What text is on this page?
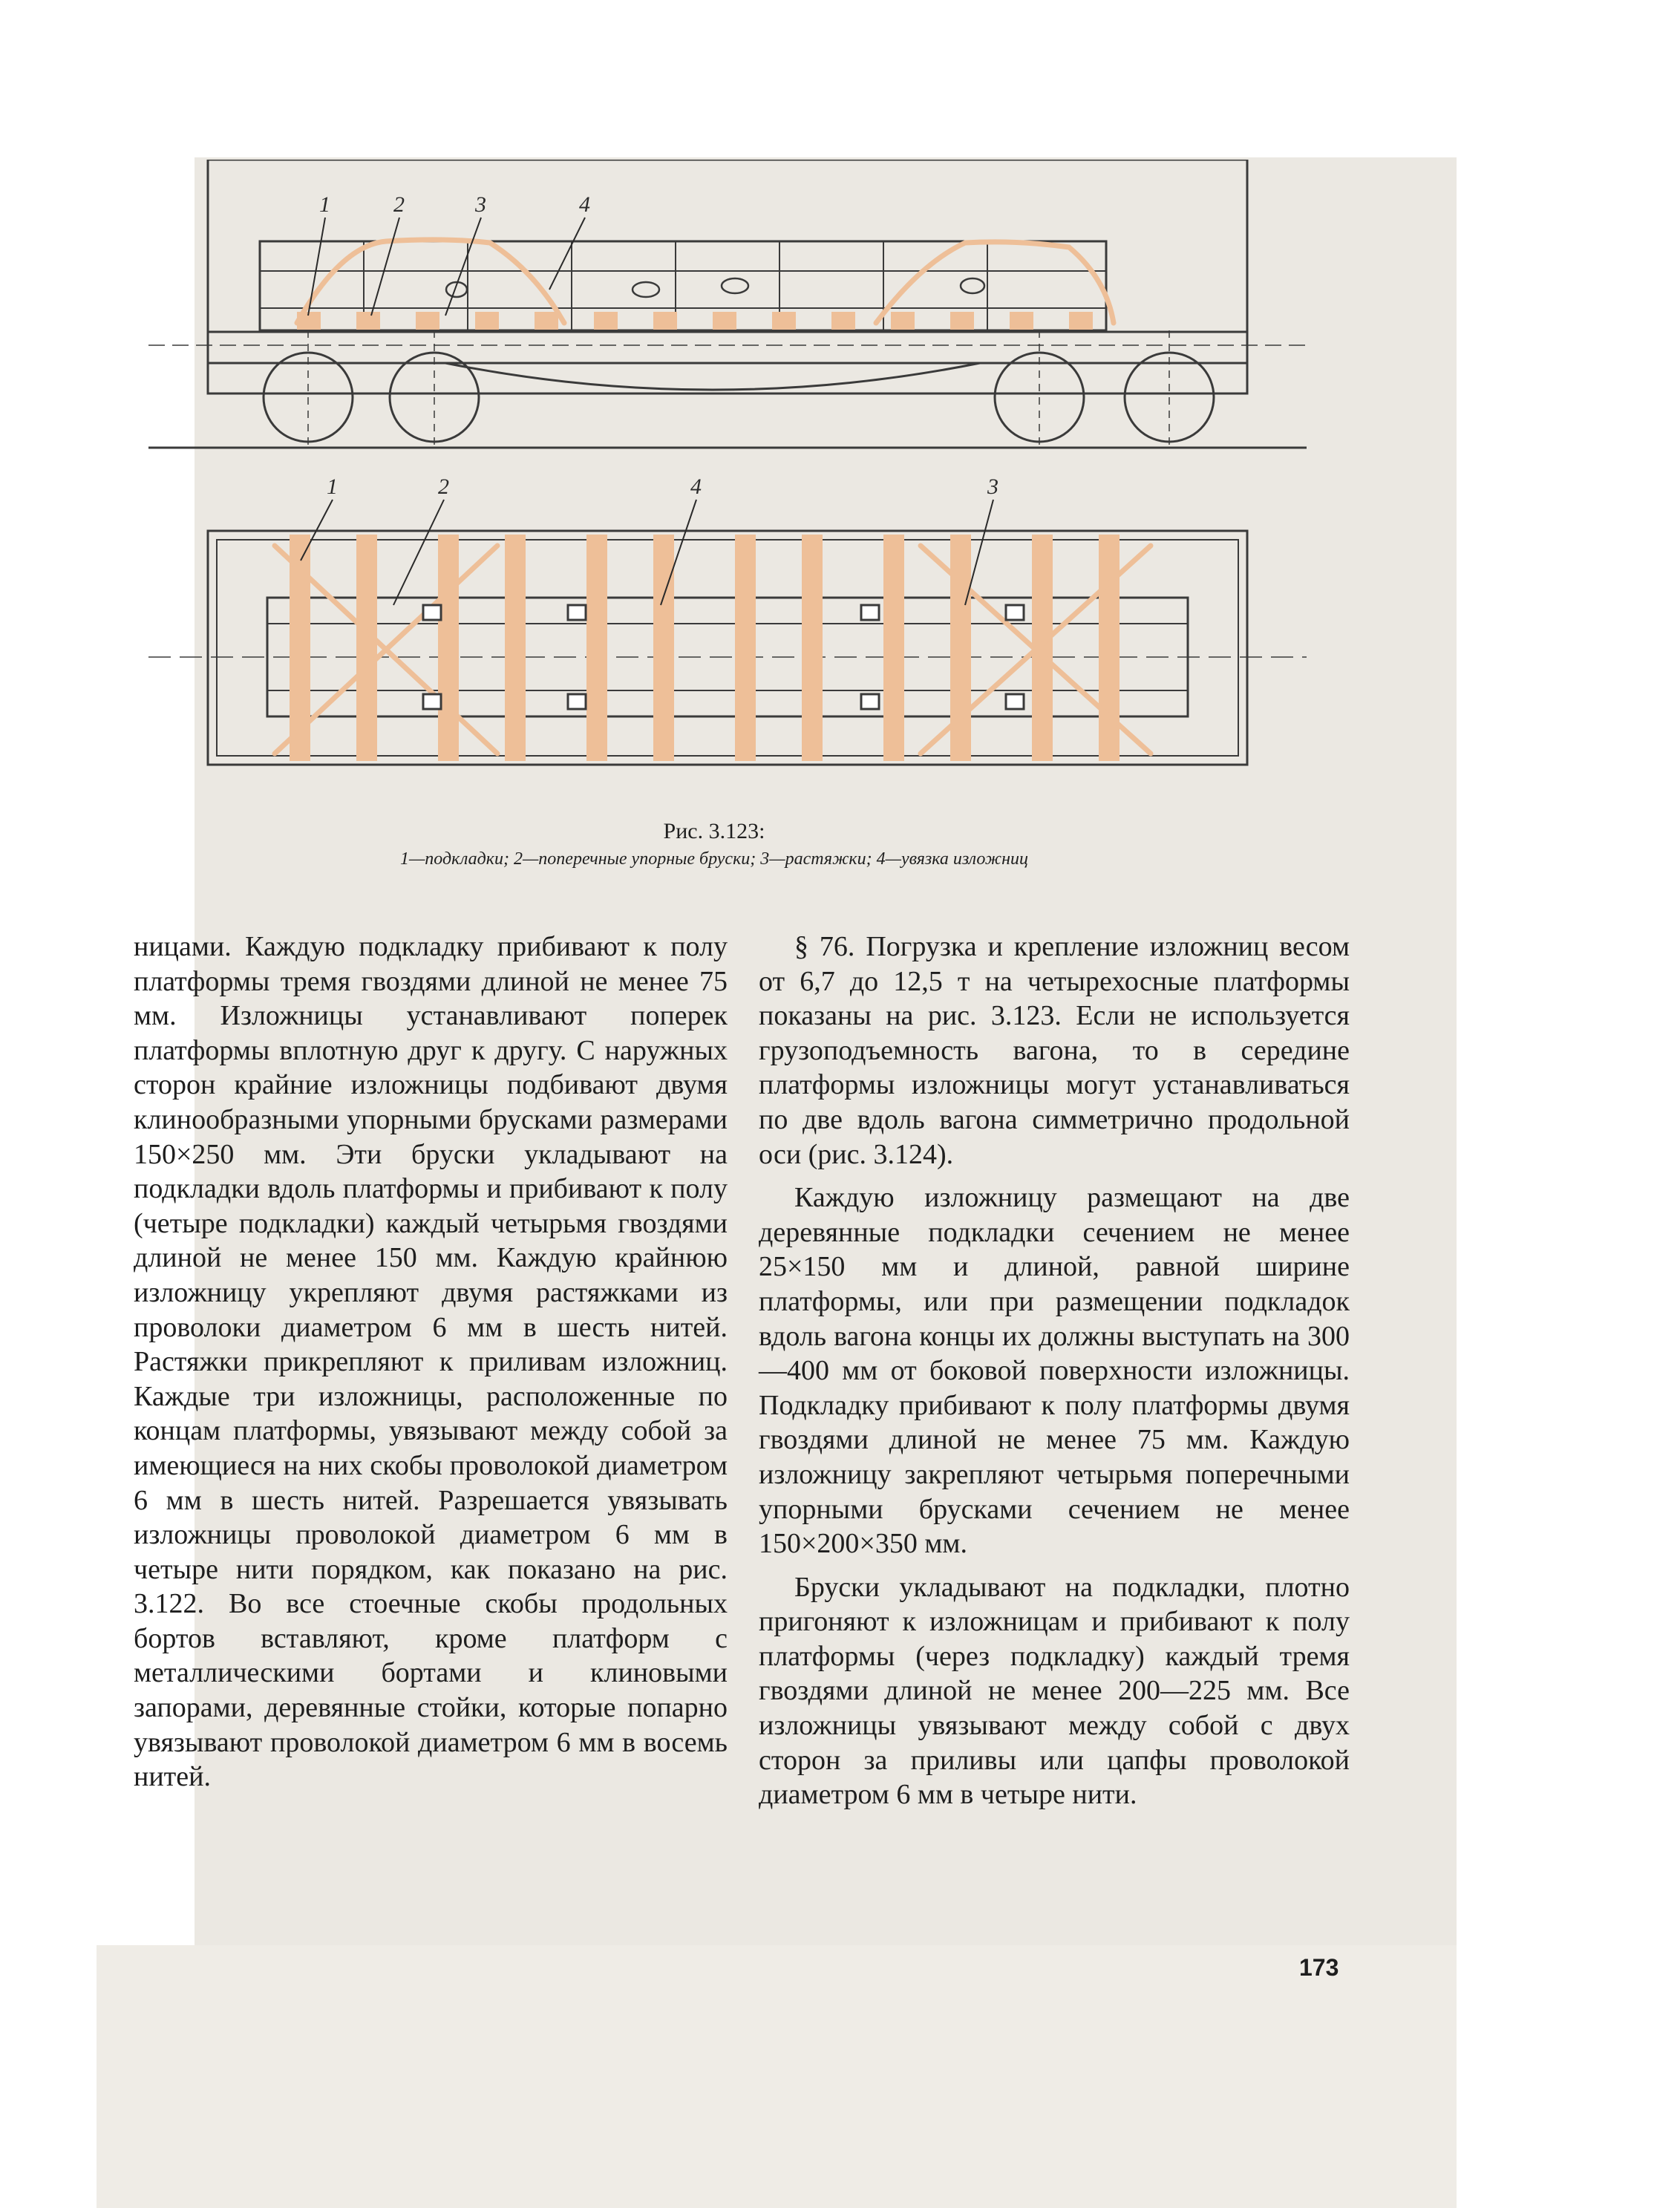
1	2	3	4
1	2	4	3
Рис. 3.123:
1—подкладки; 2—поперечные упорные бруски; 3—растяжки; 4—увязка изложниц

ницами. Каждую подкладку прибивают к полу платформы тремя гвоздями длиной не менее 75 мм. Изложницы устанавливают поперек платформы вплотную друг к другу. С наружных сторон крайние изложницы подбивают двумя клинообразными упорными брусками размерами 150×250 мм. Эти бруски укладывают на подкладки вдоль платформы и прибивают к полу (четыре подкладки) каждый четырьмя гвоздями длиной не менее 150 мм. Каждую крайнюю изложницу укрепляют двумя растяжками из проволоки диаметром 6 мм в шесть нитей. Растяжки прикрепляют к приливам изложниц. Каждые три изложницы, расположенные по концам платформы, увязывают между собой за имеющиеся на них скобы проволокой диаметром 6 мм в шесть нитей. Разрешается увязывать изложницы проволокой диаметром 6 мм в четыре нити порядком, как показано на рис. 3.122. Во все стоечные скобы продольных бортов вставляют, кроме платформ с металлическими бортами и клиновыми запорами, деревянные стойки, которые попарно увязывают проволокой диаметром 6 мм в восемь нитей.

§ 76. Погрузка и крепление изложниц весом от 6,7 до 12,5 т на четырехосные платформы показаны на рис. 3.123. Если не используется грузоподъемность вагона, то в середине платформы изложницы могут устанавливаться по две вдоль вагона симметрично продольной оси (рис. 3.124).

Каждую изложницу размещают на две деревянные подкладки сечением не менее 25×150 мм и длиной, равной ширине платформы, или при размещении подкладок вдоль вагона концы их должны выступать на 300—400 мм от боковой поверхности изложницы. Подкладку прибивают к полу платформы двумя гвоздями длиной не менее 75 мм. Каждую изложницу закрепляют четырьмя поперечными упорными брусками сечением не менее 150×200×350 мм.

Бруски укладывают на подкладки, плотно пригоняют к изложницам и прибивают к полу платформы (через подкладку) каждый тремя гвоздями длиной не менее 200—225 мм. Все изложницы увязывают между собой с двух сторон за приливы или цапфы проволокой диаметром 6 мм в четыре нити.

173
